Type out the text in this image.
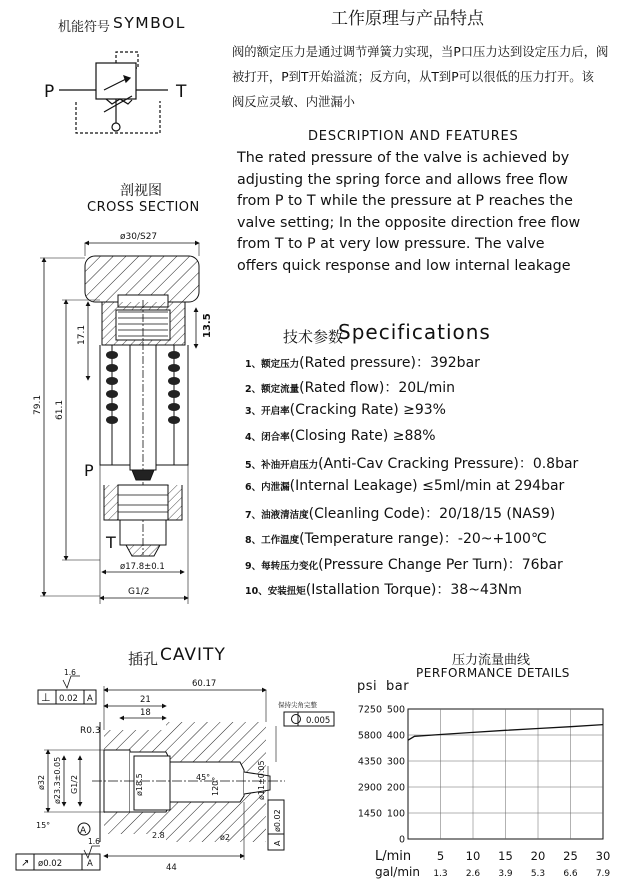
机能符号 SYMBOL
P	T
ø30/S27
79.1 61.1
17.1	13.5
ø17.8±0.1
G1/2
P
T
60.17
21
18
44
R0.3
⊥ 0.02 A
1.6
保持尖角完整
0.005
ø32 ø23.3±0.05 G1/2	ø18.5	45° 120°
15°
ø11±0.05
2.8	ø2
A
↗ ø0.02	A
ø0.02
A
1.6
500
7250
400
5800
300
4350
200
2900
100
1450
0
L/min
gal/min
5
1.3
10
2.6
15
3.9
20
5.3
25
6.6
30
7.9
工作原理与产品特点
阀的额定压力是通过调节弹簧力实现，当P口压力达到设定压力后，阀
被打开，P到T开始溢流；反方向，从T到P可以很低的压力打开。该
阀反应灵敏、内泄漏小
DESCRIPTION AND FEATURES
The rated pressure of the valve is achieved by
adjusting the spring force and allows free flow
from P to T while the pressure at P reaches the
valve setting; In the opposite direction free flow
from T to P at very low pressure. The valve
offers quick response and low internal leakage
剖视图
CROSS SECTION
技术参数
Specifications
1、额定压力(Rated pressure)：392bar
2、额定流量(Rated flow)：20L/min
3、开启率(Cracking Rate) ≥93%
4、闭合率(Closing Rate) ≥88%
5、补油开启压力(Anti-Cav Cracking Pressure)：0.8bar
6、内泄漏(Internal Leakage) ≤5ml/min at 294bar
7、油液清洁度(Cleanling Code)：20/18/15 (NAS9)
8、工作温度(Temperature range)：-20~+100℃
9、每转压力变化(Pressure Change Per Turn)：76bar
10、安装扭矩(Istallation Torque)：38~43Nm
插孔 CAVITY	压力流量曲线
PERFORMANCE DETAILS
psi bar
